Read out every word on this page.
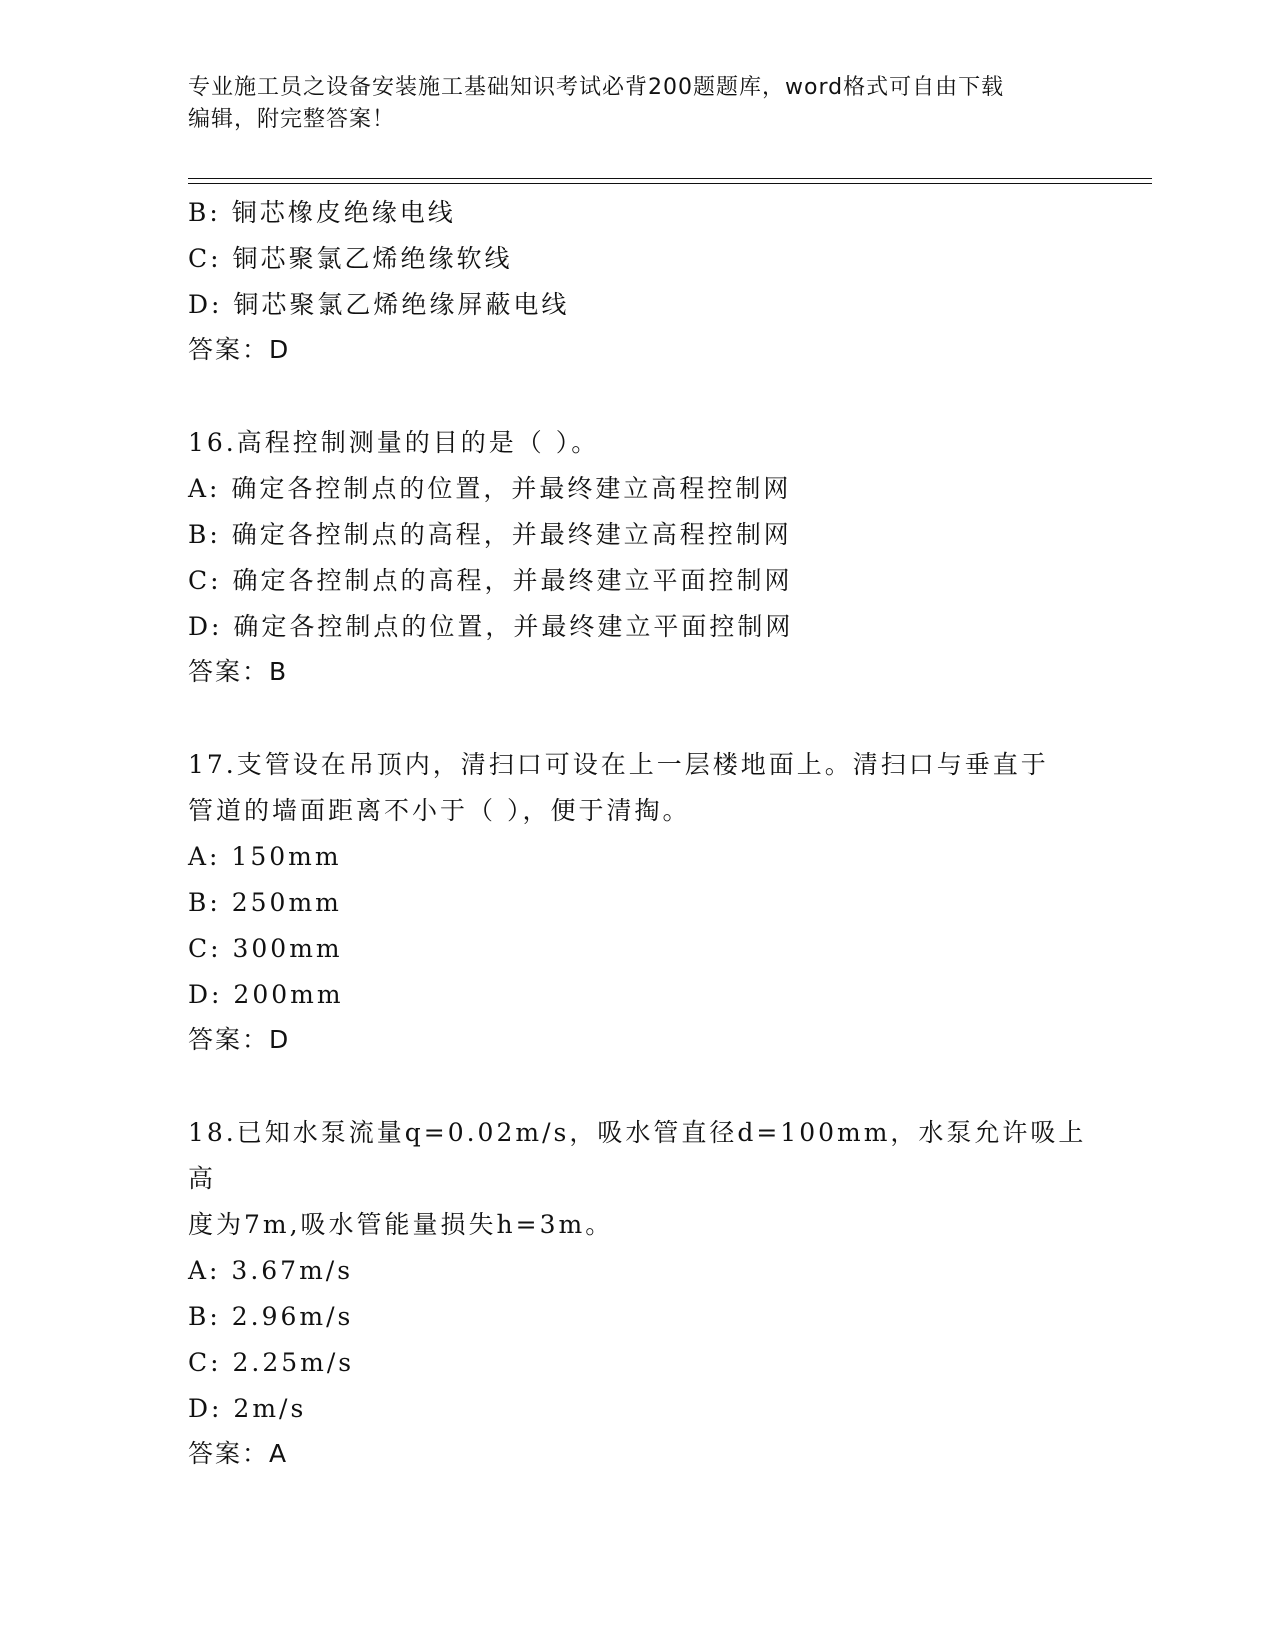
专业施工员之设备安装施工基础知识考试必背200题题库，word格式可自由下载
编辑，附完整答案！
B: 铜芯橡皮绝缘电线
C: 铜芯聚氯乙烯绝缘软线
D: 铜芯聚氯乙烯绝缘屏蔽电线
答案：D
16.高程控制测量的目的是（ ）。
A: 确定各控制点的位置，并最终建立高程控制网
B: 确定各控制点的高程，并最终建立高程控制网
C: 确定各控制点的高程，并最终建立平面控制网
D: 确定各控制点的位置，并最终建立平面控制网
答案：B
17.支管设在吊顶内，清扫口可设在上一层楼地面上。清扫口与垂直于
管道的墙面距离不小于（ ），便于清掏。
A: 150mm
B: 250mm
C: 300mm
D: 200mm
答案：D
18.已知水泵流量q=0.02m/s，吸水管直径d=100mm，水泵允许吸上高
度为7m,吸水管能量损失h=3m。
A: 3.67m/s
B: 2.96m/s
C: 2.25m/s
D: 2m/s
答案：A
